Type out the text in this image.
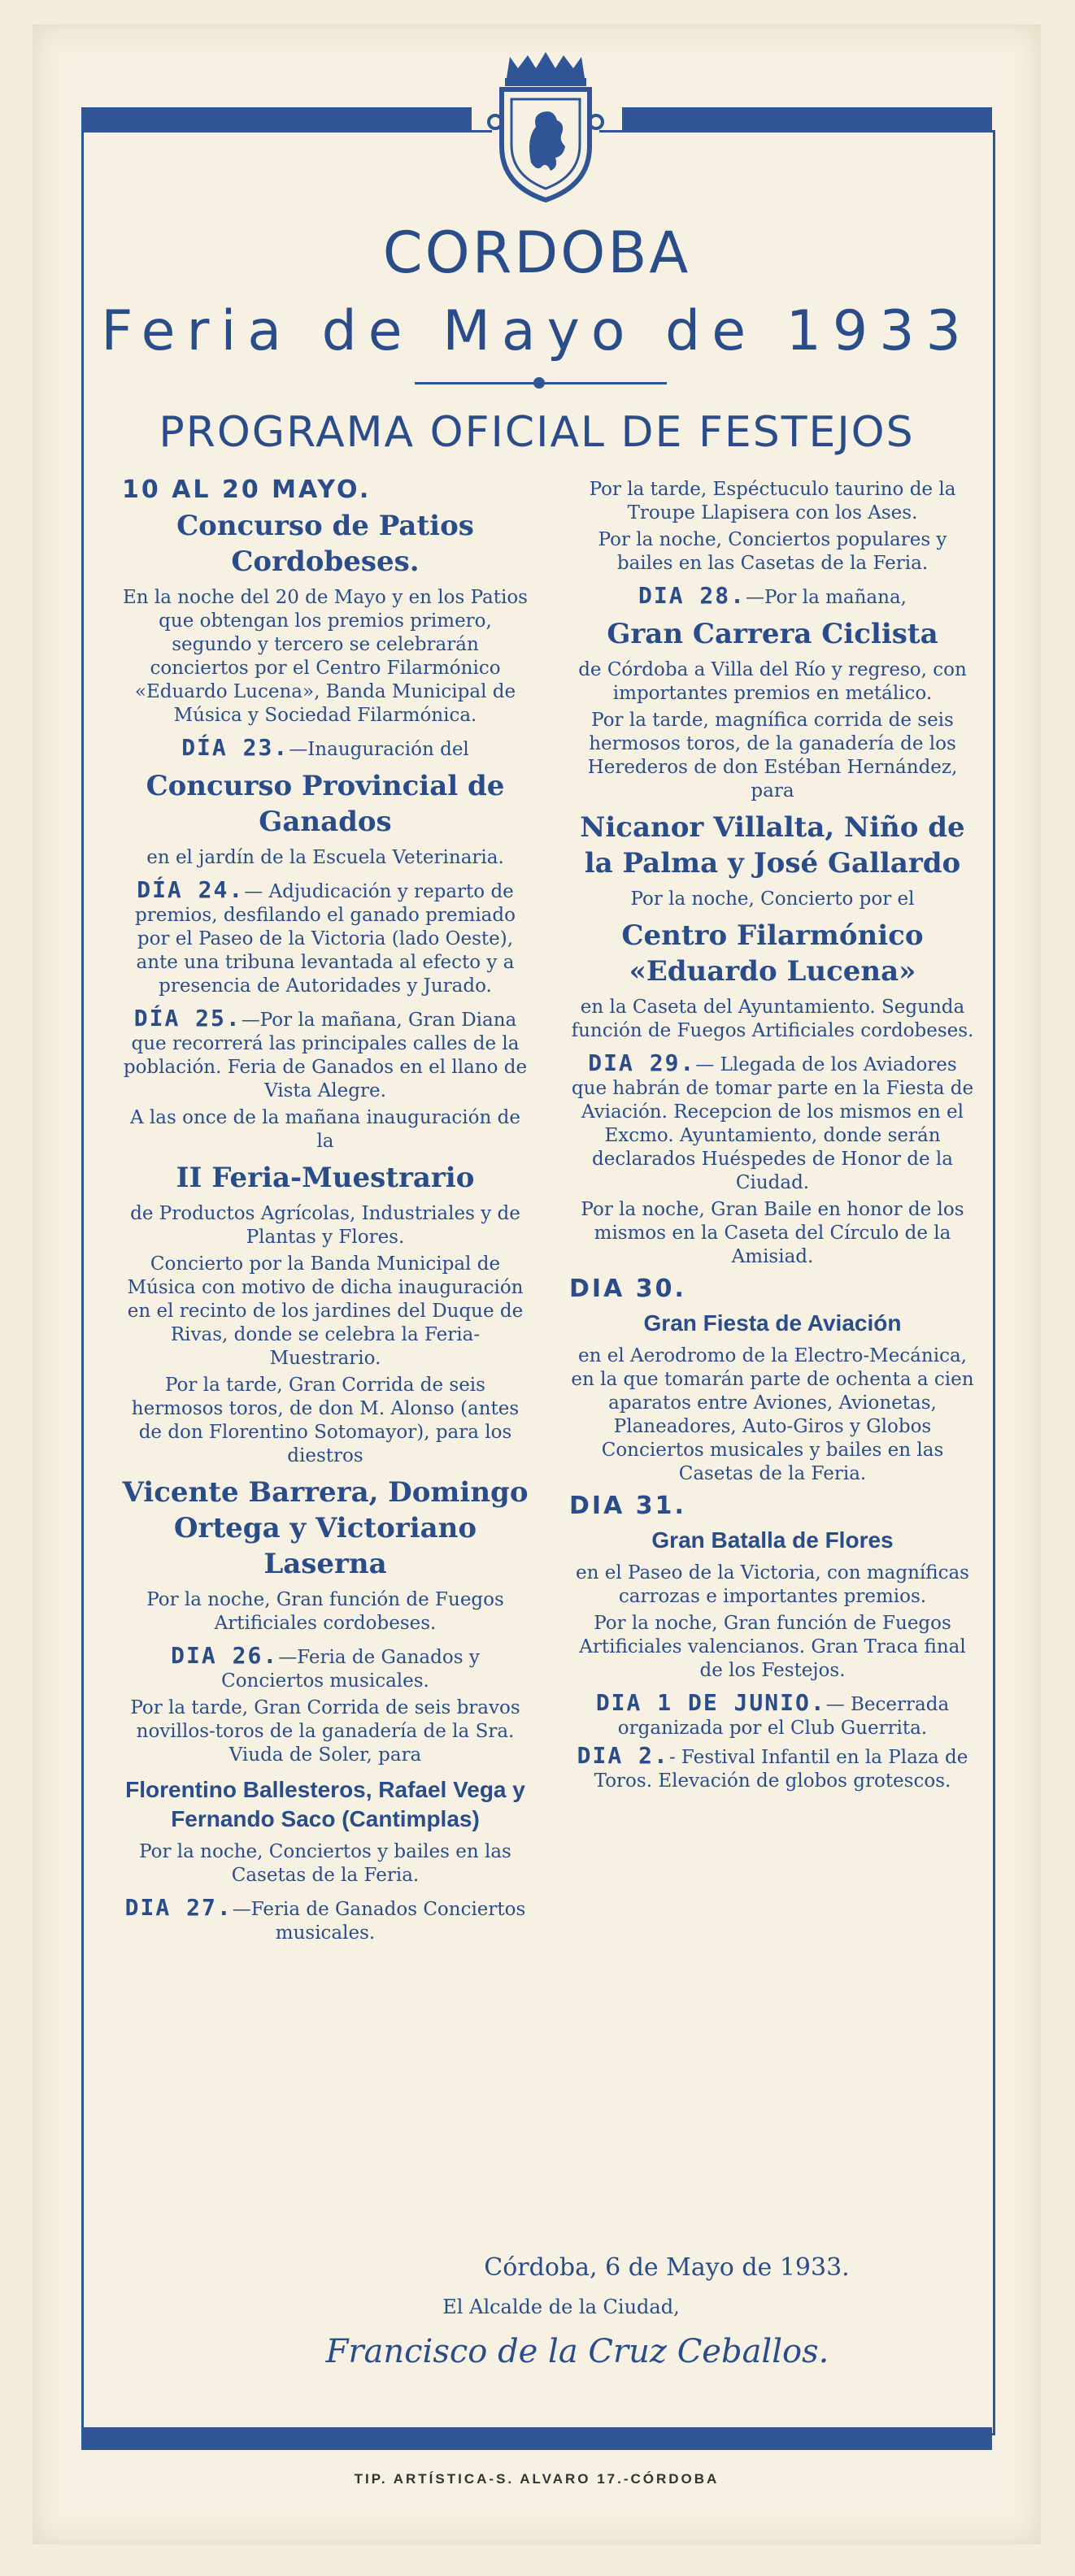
CORDOBA
Feria de Mayo de 1933
PROGRAMA OFICIAL DE FESTEJOS
10 AL 20 MAYO.
Concurso de Patios Cordobeses.

En la noche del 20 de Mayo y en los Patios que obtengan los premios primero, segundo y tercero se celebrarán conciertos por el Centro Filarmónico «Eduardo Lucena», Banda Municipal de Música y Sociedad Filarmónica.

DÍA 23.—Inauguración del

Concurso Provincial de Ganados

en el jardín de la Escuela Veterinaria.

DÍA 24.— Adjudicación y reparto de premios, desfilando el ganado premiado por el Paseo de la Victoria (lado Oeste), ante una tribuna levantada al efecto y a presencia de Autoridades y Jurado.

DÍA 25.—Por la mañana, Gran Diana que recorrerá las principales calles de la población. Feria de Ganados en el llano de Vista Alegre.

A las once de la mañana inauguración de la

II Feria-Muestrario

de Productos Agrícolas, Industriales y de Plantas y Flores.

Concierto por la Banda Municipal de Música con motivo de dicha inauguración en el recinto de los jardines del Duque de Rivas, donde se celebra la Feria-Muestrario.

Por la tarde, Gran Corrida de seis hermosos toros, de don M. Alonso (antes de don Florentino Sotomayor), para los diestros

Vicente Barrera, Domingo Ortega y Victoriano Laserna

Por la noche, Gran función de Fuegos Artificiales cordobeses.

DIA 26.—Feria de Ganados y Conciertos musicales.

Por la tarde, Gran Corrida de seis bravos novillos-toros de la ganadería de la Sra. Viuda de Soler, para

Florentino Ballesteros, Rafael Vega y Fernando Saco (Cantimplas)

Por la noche, Conciertos y bailes en las Casetas de la Feria.

DIA 27.—Feria de Ganados Conciertos musicales.

Por la tarde, Espéctuculo taurino de la Troupe Llapisera con los Ases.

Por la noche, Conciertos populares y bailes en las Casetas de la Feria.

DIA 28.—Por la mañana,

Gran Carrera Ciclista

de Córdoba a Villa del Río y regreso, con importantes premios en metálico.

Por la tarde, magnífica corrida de seis hermosos toros, de la ganadería de los Herederos de don Estéban Hernández, para

Nicanor Villalta, Niño de la Palma y José Gallardo

Por la noche, Concierto por el

Centro Filarmónico «Eduardo Lucena»

en la Caseta del Ayuntamiento. Segunda función de Fuegos Artificiales cordobeses.

DIA 29.— Llegada de los Aviadores que habrán de tomar parte en la Fiesta de Aviación. Recepcion de los mismos en el Excmo. Ayuntamiento, donde serán declarados Huéspedes de Honor de la Ciudad.

Por la noche, Gran Baile en honor de los mismos en la Caseta del Círculo de la Amisiad.

DIA 30.
Gran Fiesta de Aviación

en el Aerodromo de la Electro-Mecánica, en la que tomarán parte de ochenta a cien aparatos entre Aviones, Avionetas, Planeadores, Auto-Giros y Globos Conciertos musicales y bailes en las Casetas de la Feria.

DIA 31.
Gran Batalla de Flores

en el Paseo de la Victoria, con magníficas carrozas e importantes premios.

Por la noche, Gran función de Fuegos Artificiales valencianos. Gran Traca final de los Festejos.

DIA 1 DE JUNIO.— Becerrada organizada por el Club Guerrita.

DIA 2.- Festival Infantil en la Plaza de Toros. Elevación de globos grotescos.

Córdoba, 6 de Mayo de 1933.
El Alcalde de la Ciudad,
Francisco de la Cruz Ceballos.
TIP. ARTÍSTICA-S. ALVARO 17.-CÓRDOBA
